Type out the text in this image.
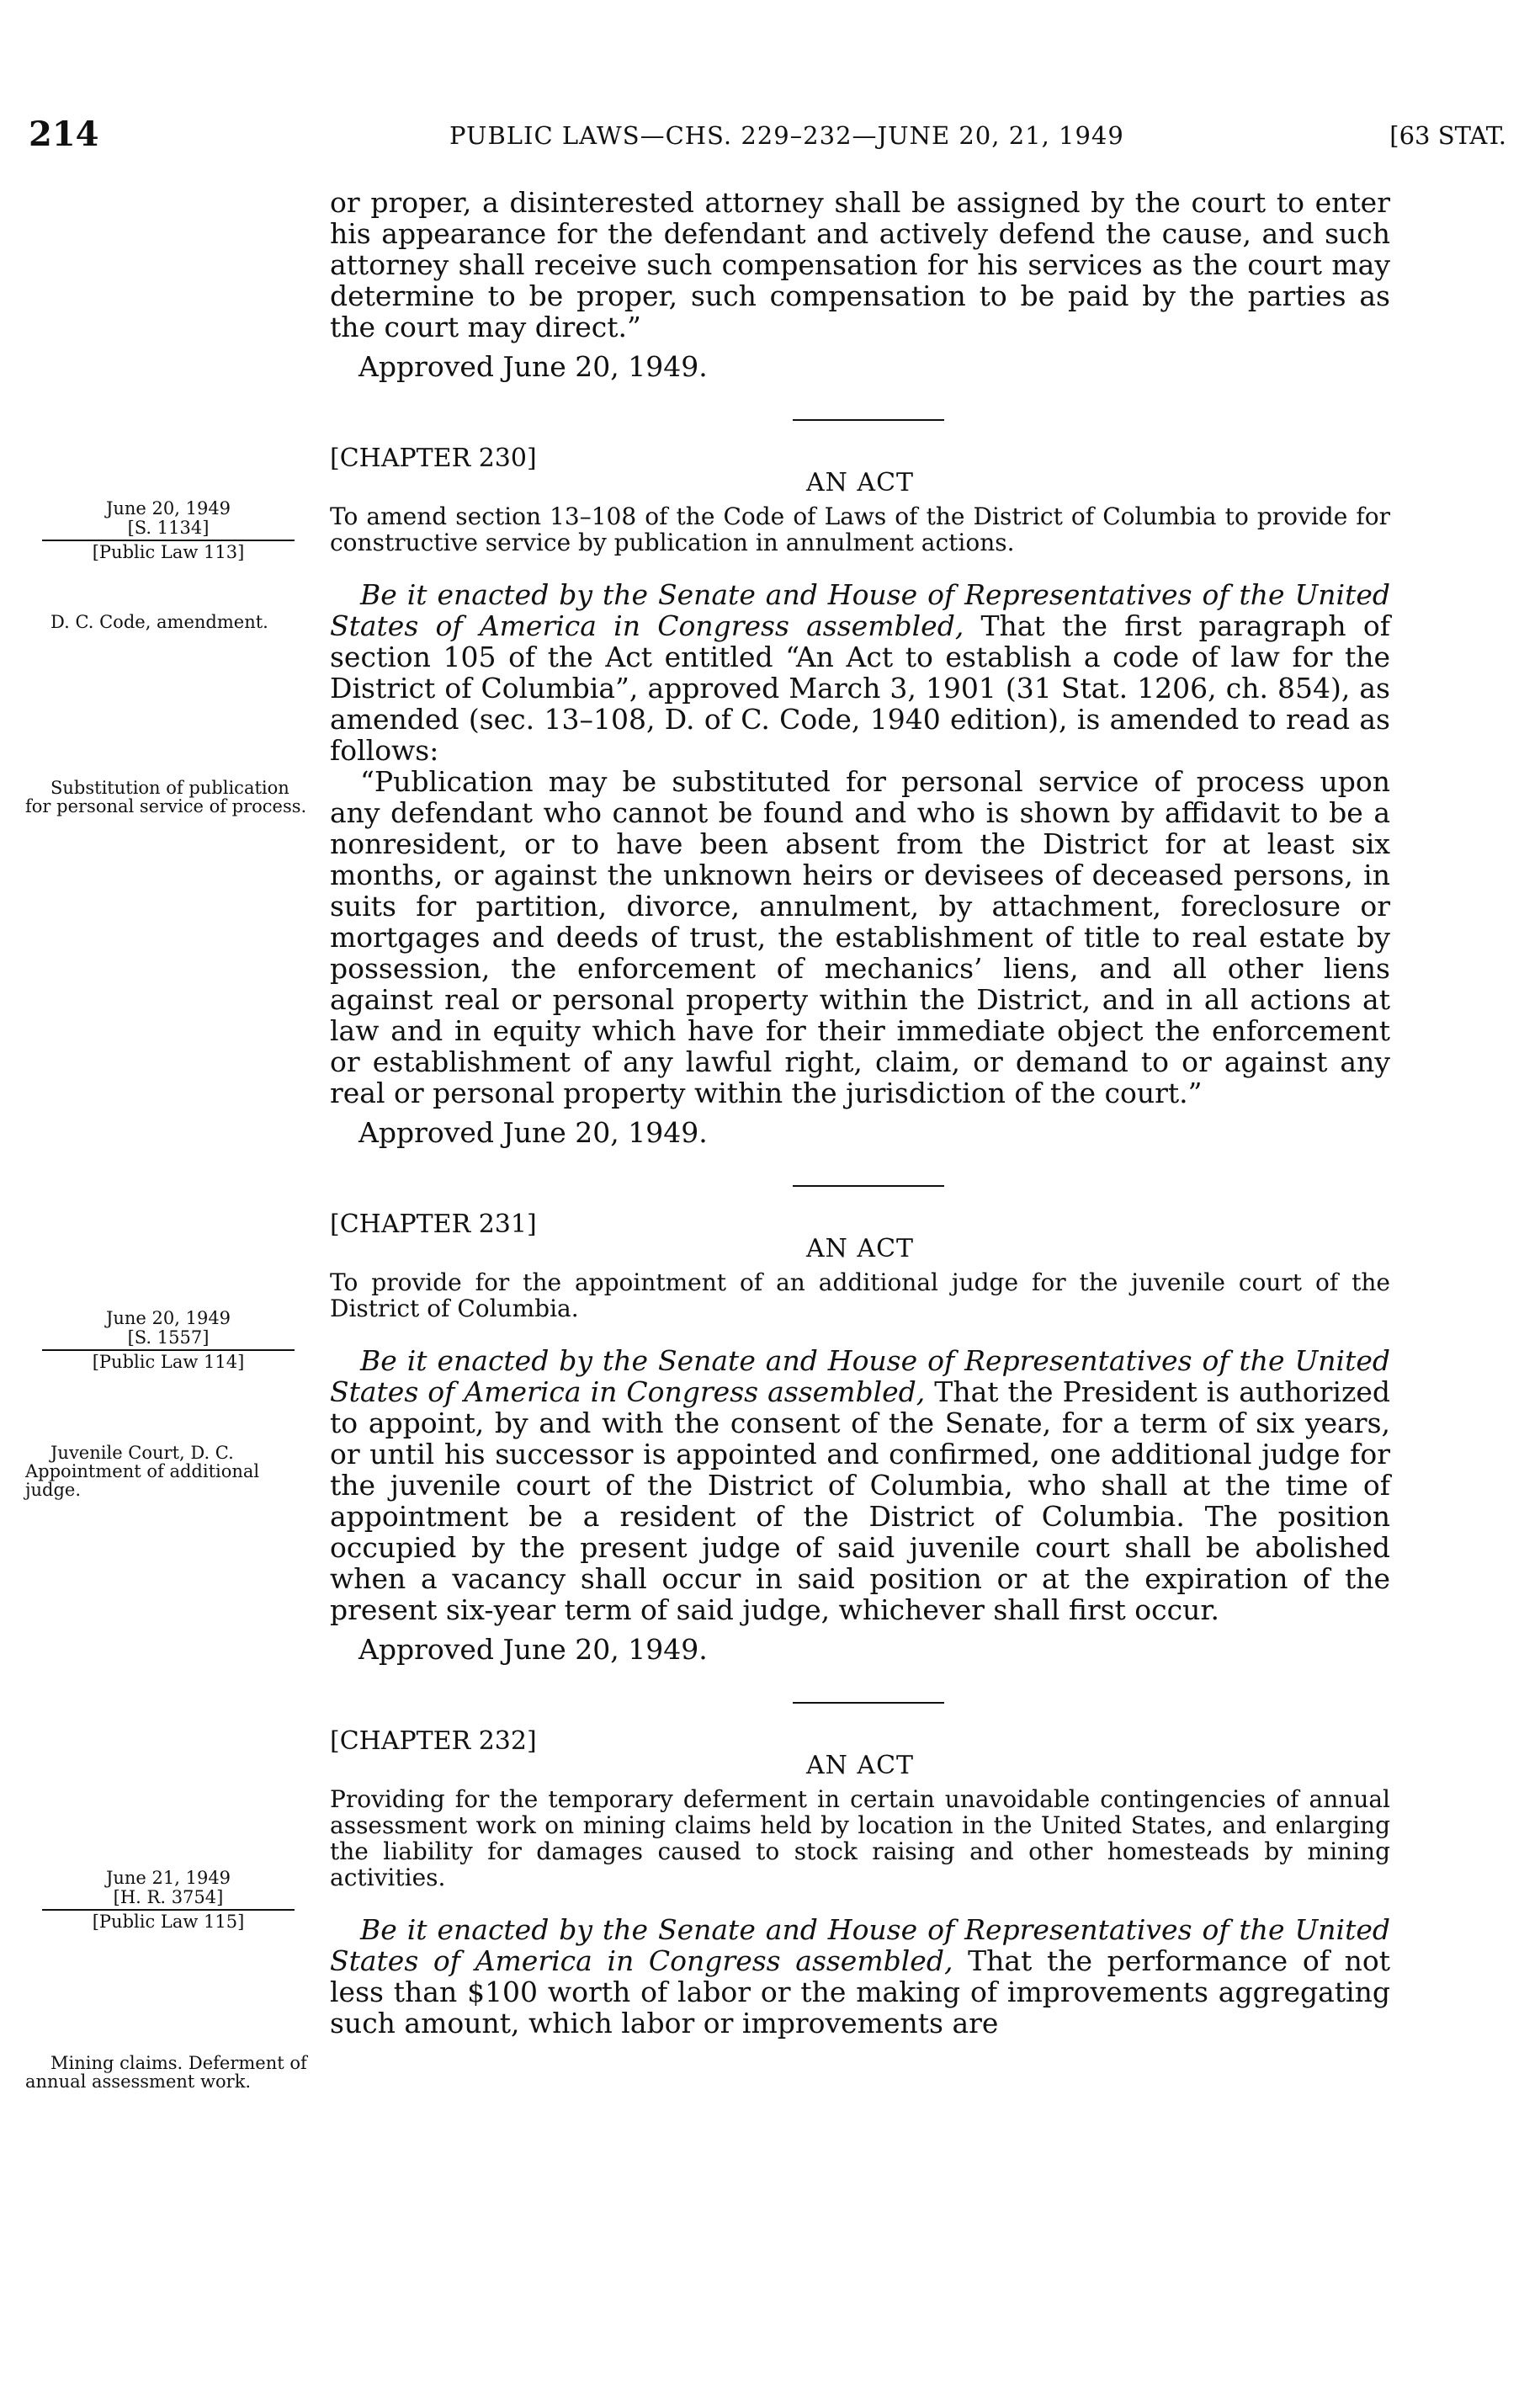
214	PUBLIC LAWS—CHS. 229–232—JUNE 20, 21, 1949	[63 STAT.
June 20, 1949
[S. 1134]
[Public Law 113]
D. C. Code, amendment.
Substitution of publication for personal service of process.
June 20, 1949
[S. 1557]
[Public Law 114]
Juvenile Court, D. C. Appointment of additional judge.
June 21, 1949
[H. R. 3754]
[Public Law 115]
Mining claims. Deferment of annual assessment work.

or proper, a disinterested attorney shall be assigned by the court to enter his appearance for the defendant and actively defend the cause, and such attorney shall receive such compensation for his services as the court may determine to be proper, such compensation to be paid by the parties as the court may direct.”

Approved June 20, 1949.
[CHAPTER 230]
AN ACT
To amend section 13–108 of the Code of Laws of the District of Columbia to provide for constructive service by publication in annulment actions.

Be it enacted by the Senate and House of Representatives of the United States of America in Congress assembled, That the first paragraph of section 105 of the Act entitled “An Act to establish a code of law for the District of Columbia”, approved March 3, 1901 (31 Stat. 1206, ch. 854), as amended (sec. 13–108, D. of C. Code, 1940 edition), is amended to read as follows:

“Publication may be substituted for personal service of process upon any defendant who cannot be found and who is shown by affidavit to be a nonresident, or to have been absent from the District for at least six months, or against the unknown heirs or devisees of deceased persons, in suits for partition, divorce, annulment, by attachment, foreclosure or mortgages and deeds of trust, the establishment of title to real estate by possession, the enforcement of mechanics’ liens, and all other liens against real or personal property within the District, and in all actions at law and in equity which have for their immediate object the enforcement or establishment of any lawful right, claim, or demand to or against any real or personal property within the jurisdiction of the court.”

Approved June 20, 1949.
[CHAPTER 231]
AN ACT
To provide for the appointment of an additional judge for the juvenile court of the District of Columbia.

Be it enacted by the Senate and House of Representatives of the United States of America in Congress assembled, That the President is authorized to appoint, by and with the consent of the Senate, for a term of six years, or until his successor is appointed and confirmed, one additional judge for the juvenile court of the District of Columbia, who shall at the time of appointment be a resident of the District of Columbia. The position occupied by the present judge of said juvenile court shall be abolished when a vacancy shall occur in said position or at the expiration of the present six-year term of said judge, whichever shall first occur.

Approved June 20, 1949.
[CHAPTER 232]
AN ACT
Providing for the temporary deferment in certain unavoidable contingencies of annual assessment work on mining claims held by location in the United States, and enlarging the liability for damages caused to stock raising and other homesteads by mining activities.

Be it enacted by the Senate and House of Representatives of the United States of America in Congress assembled, That the performance of not less than $100 worth of labor or the making of improvements aggregating such amount, which labor or improvements are
